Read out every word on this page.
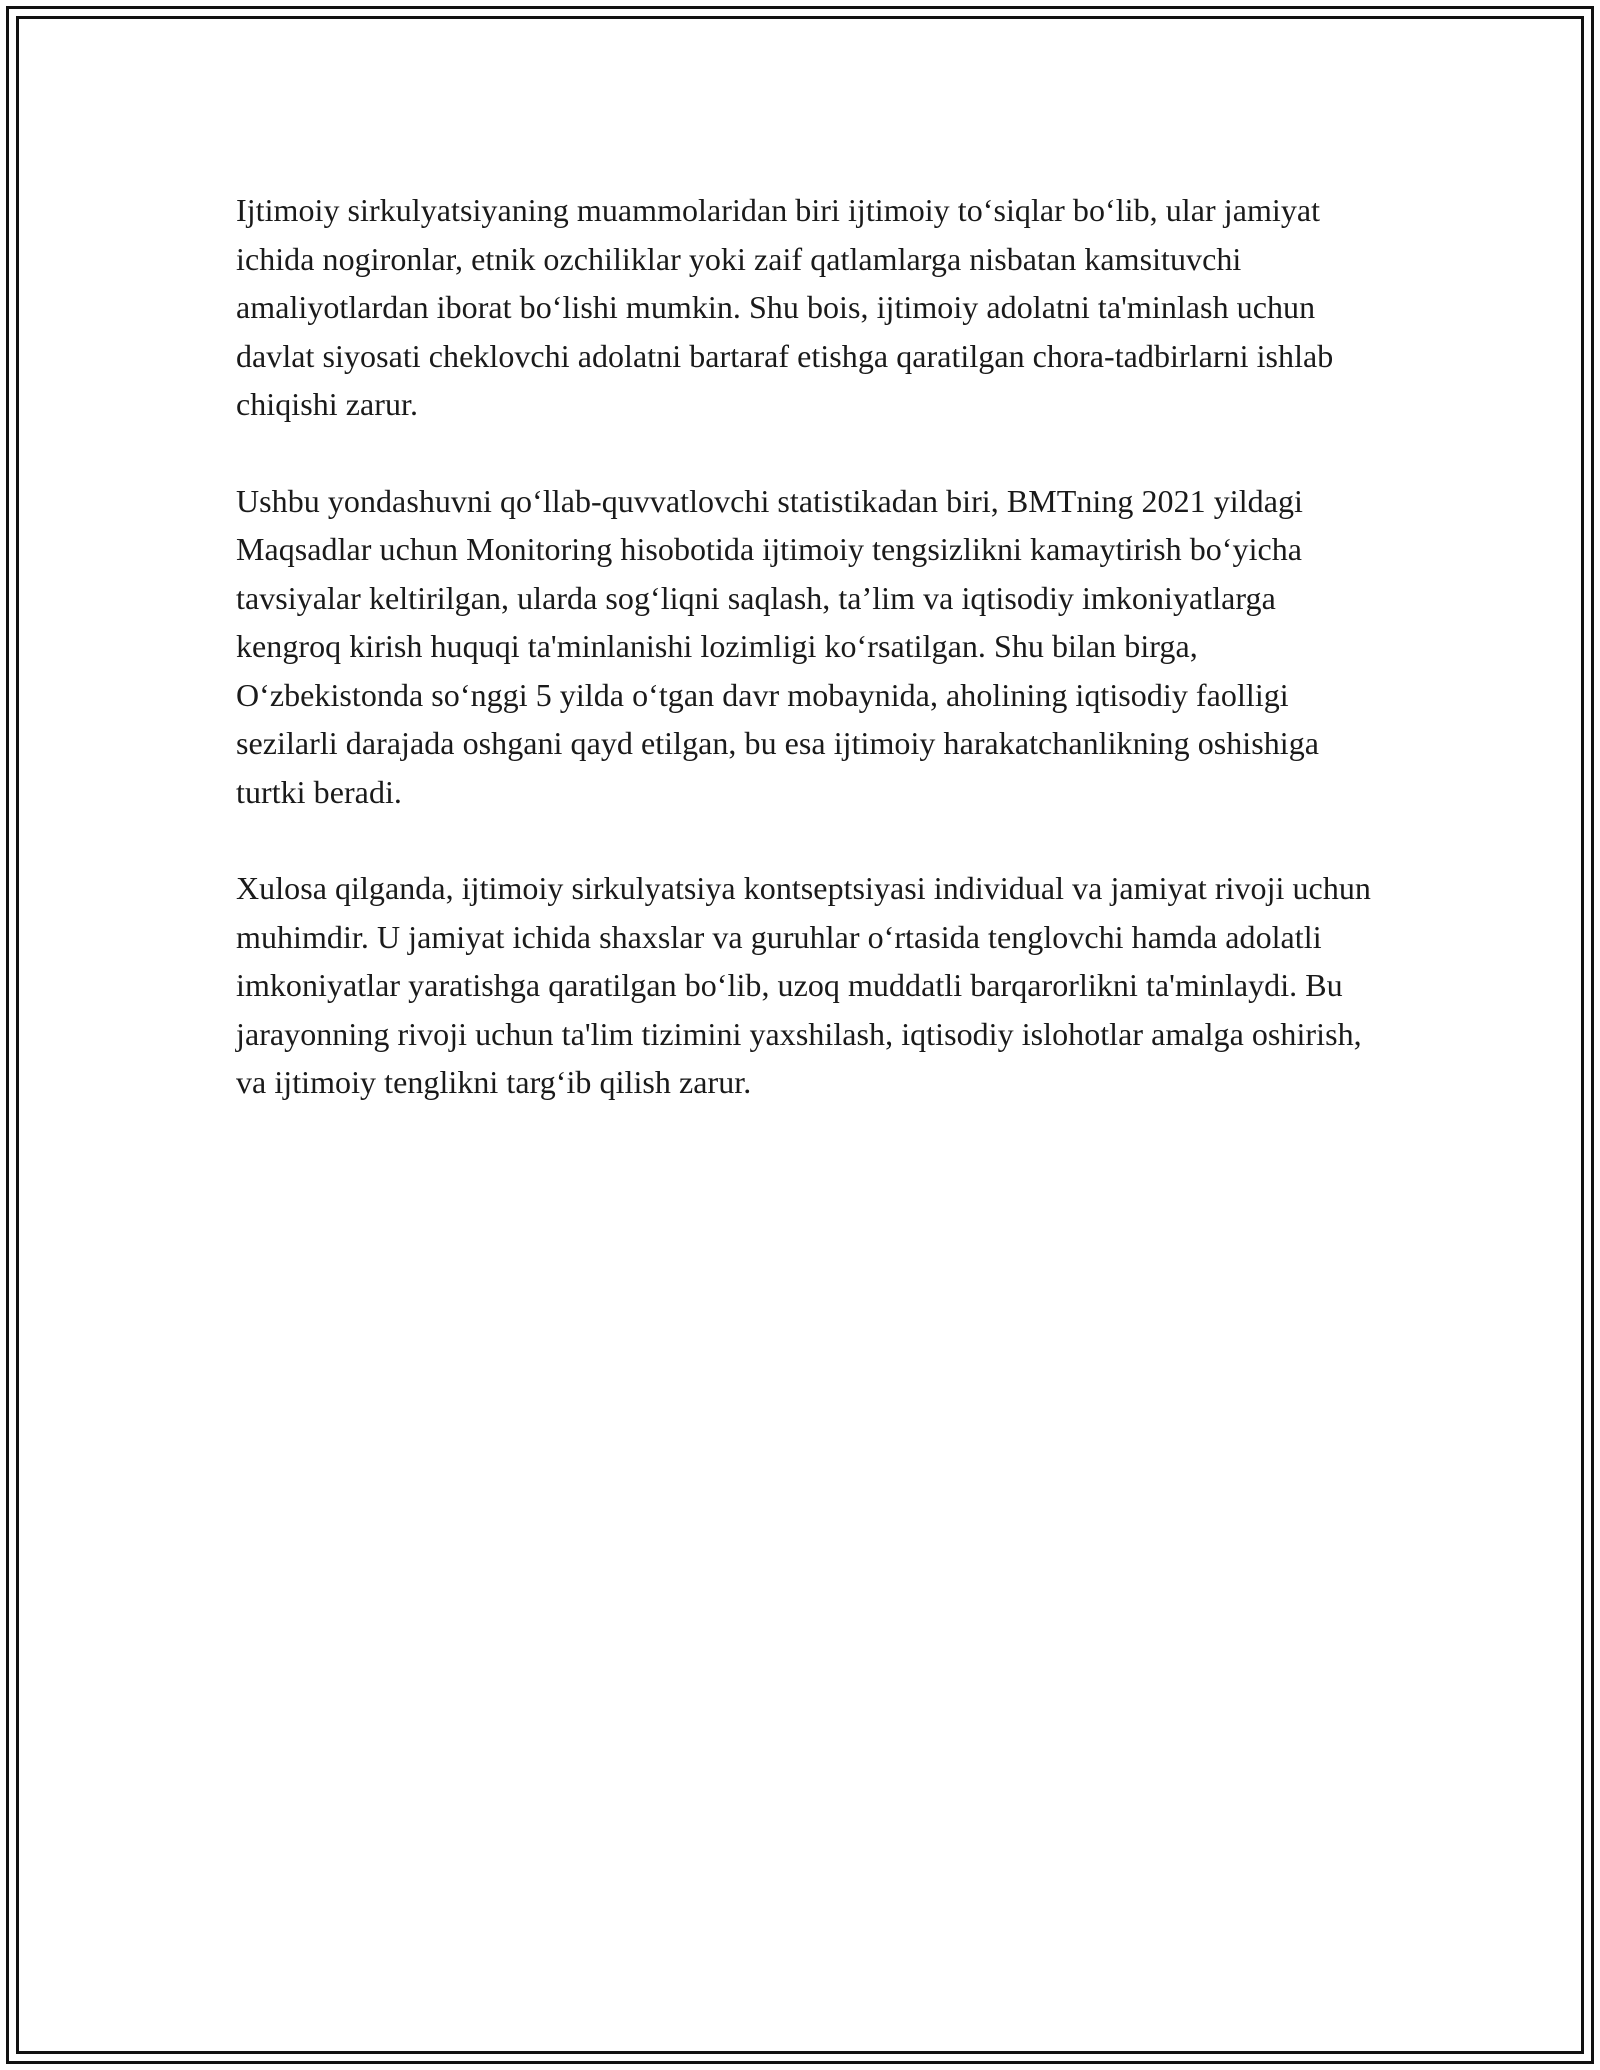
Ijtimoiy sirkulyatsiyaning muammolaridan biri ijtimoiy to‘siqlar bo‘lib, ular jamiyat ichida nogironlar, etnik ozchiliklar yoki zaif qatlamlarga nisbatan kamsituvchi amaliyotlardan iborat bo‘lishi mumkin. Shu bois, ijtimoiy adolatni ta'minlash uchun davlat siyosati cheklovchi adolatni bartaraf etishga qaratilgan chora-tadbirlarni ishlab chiqishi zarur.

Ushbu yondashuvni qo‘llab-quvvatlovchi statistikadan biri, BMTning 2021 yildagi Maqsadlar uchun Monitoring hisobotida ijtimoiy tengsizlikni kamaytirish bo‘yicha tavsiyalar keltirilgan, ularda sog‘liqni saqlash, ta’lim va iqtisodiy imkoniyatlarga kengroq kirish huquqi ta'minlanishi lozimligi ko‘rsatilgan. Shu bilan birga, O‘zbekistonda so‘nggi 5 yilda o‘tgan davr mobaynida, aholining iqtisodiy faolligi sezilarli darajada oshgani qayd etilgan, bu esa ijtimoiy harakatchanlikning oshishiga turtki beradi.

Xulosa qilganda, ijtimoiy sirkulyatsiya kontseptsiyasi individual va jamiyat rivoji uchun muhimdir. U jamiyat ichida shaxslar va guruhlar o‘rtasida tenglovchi hamda adolatli imkoniyatlar yaratishga qaratilgan bo‘lib, uzoq muddatli barqarorlikni ta'minlaydi. Bu jarayonning rivoji uchun ta'lim tizimini yaxshilash, iqtisodiy islohotlar amalga oshirish, va ijtimoiy tenglikni targ‘ib qilish zarur.
